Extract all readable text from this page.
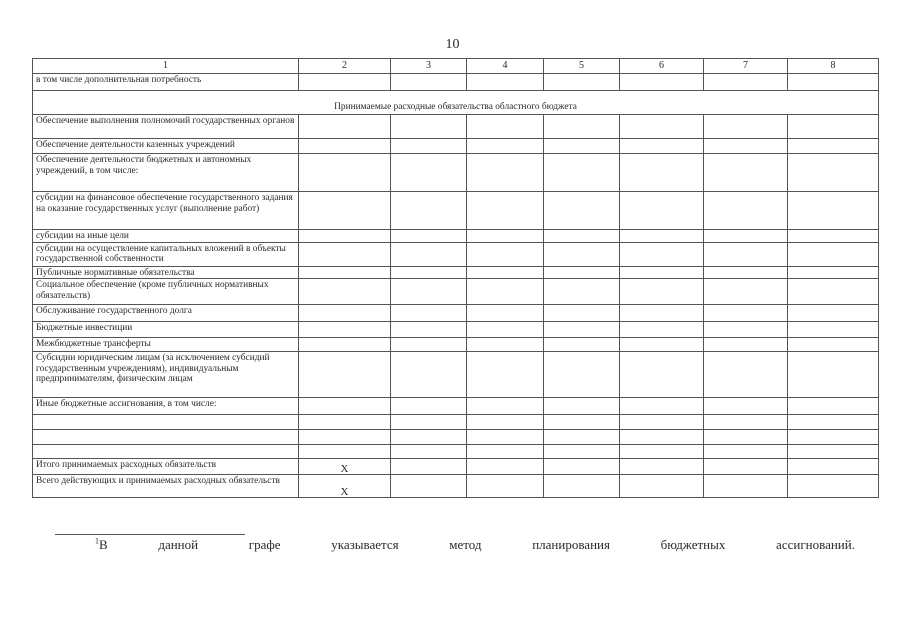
10
1	2	3	4	5	6	7	8
в том числе дополнительная потребность							
Принимаемые расходные обязательства областного бюджета							
Обеспечение выполнения полномочий государственных органов							
Обеспечение деятельности казенных учреждений							
Обеспечение деятельности бюджетных и автономных учреждений, в том числе:							
субсидии на финансовое обеспечение государственного задания на оказание государственных услуг (выполнение работ)							
субсидии на иные цели							
субсидии на осуществление капитальных вложений в объекты государственной собственности							
Публичные нормативные обязательства							
Социальное обеспечение (кроме публичных нормативных обязательств)							
Обслуживание государственного долга							
Бюджетные инвестиции							
Межбюджетные трансферты							
Субсидии юридическим лицам (за исключением субсидий государственным учреждениям), индивидуальным предпринимателям, физическим лицам							
Иные бюджетные ассигнования, в том числе:							

Итого принимаемых расходных обязательств	X						
Всего действующих и принимаемых расходных обязательств	X						
$^1$В	данной	графе	указывается	метод	планирования	бюджетных	ассигнований.
